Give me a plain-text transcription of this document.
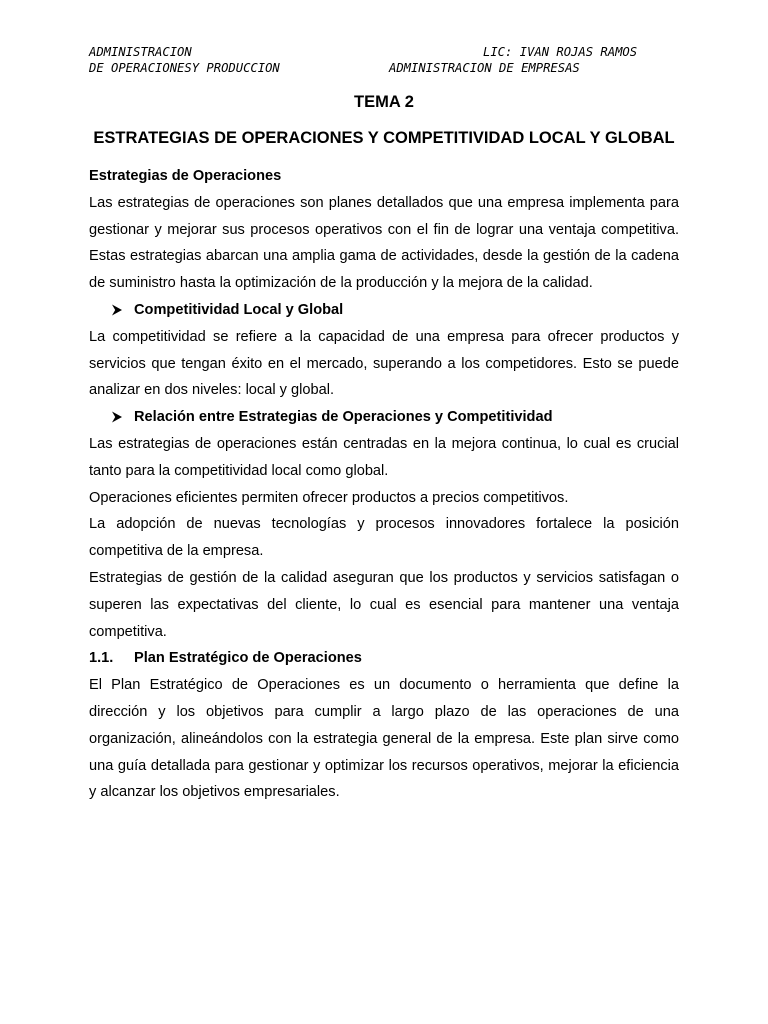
ADMINISTRACION
DE OPERACIONESY PRODUCCION
LIC: IVAN ROJAS RAMOS
ADMINISTRACION DE EMPRESAS
TEMA 2
ESTRATEGIAS DE OPERACIONES Y COMPETITIVIDAD LOCAL Y GLOBAL

Estrategias de Operaciones

Las estrategias de operaciones son planes detallados que una empresa implementa para gestionar y mejorar sus procesos operativos con el fin de lograr una ventaja competitiva. Estas estrategias abarcan una amplia gama de actividades, desde la gestión de la cadena de suministro hasta la optimización de la producción y la mejora de la calidad.

Competitividad Local y Global

La competitividad se refiere a la capacidad de una empresa para ofrecer productos y servicios que tengan éxito en el mercado, superando a los competidores. Esto se puede analizar en dos niveles: local y global.

Relación entre Estrategias de Operaciones y Competitividad

Las estrategias de operaciones están centradas en la mejora continua, lo cual es crucial tanto para la competitividad local como global.

Operaciones eficientes permiten ofrecer productos a precios competitivos.

La adopción de nuevas tecnologías y procesos innovadores fortalece la posición competitiva de la empresa.

Estrategias de gestión de la calidad aseguran que los productos y servicios satisfagan o superen las expectativas del cliente, lo cual es esencial para mantener una ventaja competitiva.

1.1. Plan Estratégico de Operaciones

El Plan Estratégico de Operaciones es un documento o herramienta que define la dirección y los objetivos para cumplir a largo plazo de las operaciones de una organización, alineándolos con la estrategia general de la empresa. Este plan sirve como una guía detallada para gestionar y optimizar los recursos operativos, mejorar la eficiencia y alcanzar los objetivos empresariales.
